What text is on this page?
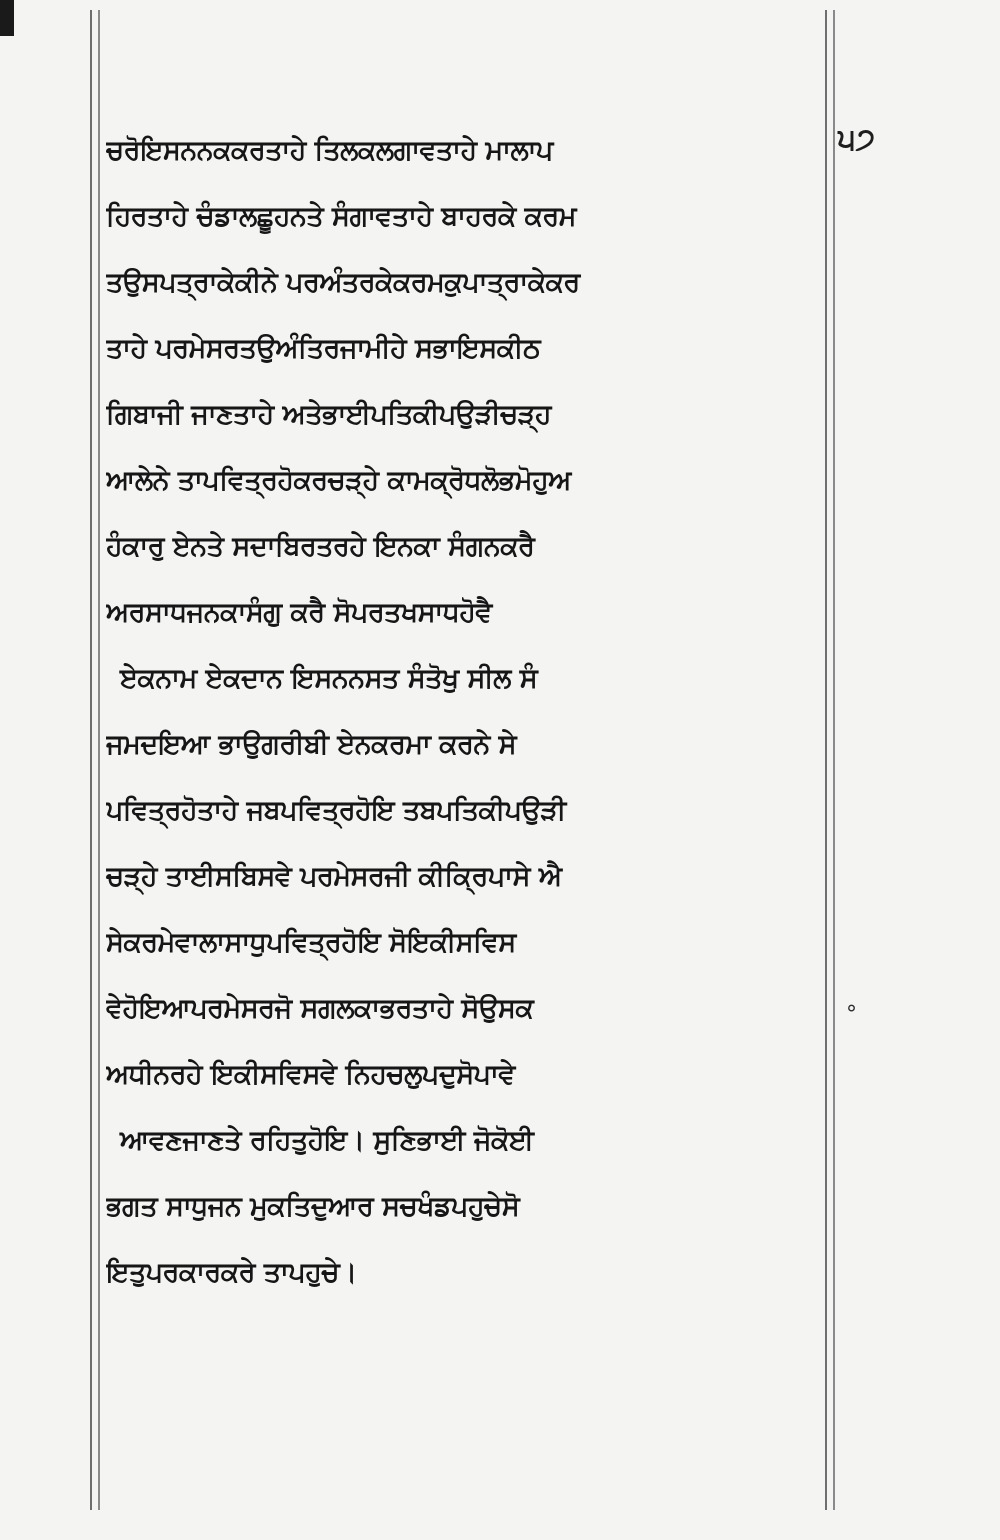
੫੭
°
ਚਰੋਇਸਨਨਕਕਰਤਾਹੇ ਤਿਲਕਲਗਾਵਤਾਹੇ ਮਾਲਾਪ
ਹਿਰਤਾਹੇ ਚੰਡਾਲਛੂਹਨਤੇ ਸੰਗਾਵਤਾਹੇ ਬਾਹਰਕੇ ਕਰਮ
ਤਉਸਪਤ੍ਰਾਕੇਕੀਨੇ ਪਰਅੰਤਰਕੇਕਰਮਕੁਪਾਤ੍ਰਾਕੇਕਰ
ਤਾਹੇ ਪਰਮੇਸਰਤਉਅੰਤਿਰਜਾਮੀਹੇ ਸਭਾਇਸਕੀਠ
ਗਿਬਾਜੀ ਜਾਣਤਾਹੇ ਅਤੇਭਾਈਪਤਿਕੀਪਉੜੀਚੜ੍ਹ
ਆਲੇਨੇ ਤਾਪਵਿਤ੍ਰਹੋਕਰਚੜ੍ਹੇ ਕਾਮਕ੍ਰੋਧਲੋਭਮੋਹੁਅ
ਹੰਕਾਰੁ ਏਨਤੇ ਸਦਾਬਿਰਤਰਹੇ ਇਨਕਾ ਸੰਗਨਕਰੈ
ਅਰਸਾਧਜਨਕਾਸੰਗੁ ਕਰੈ ਸੋਪਰਤਖਸਾਧਹੋਵੈ
ਏਕਨਾਮ ਏਕਦਾਨ ਇਸਨਨਸਤ ਸੰਤੋਖੁ ਸੀਲ ਸੰ
ਜਮਦਇਆ ਭਾਉਗਰੀਬੀ ਏਨਕਰਮਾ ਕਰਨੇ ਸੇ
ਪਵਿਤ੍ਰਹੋਤਾਹੇ ਜਬਪਵਿਤ੍ਰਹੋਇ ਤਬਪਤਿਕੀਪਉੜੀ
ਚੜ੍ਹੇ ਤਾਈਸਬਿਸਵੇ ਪਰਮੇਸਰਜੀ ਕੀਕ੍ਰਿਪਾਸੇ ਐ
ਸੇਕਰਮੇਵਾਲਾਸਾਧੁਪਵਿਤ੍ਰਹੋਇ ਸੋਇਕੀਸਵਿਸ
ਵੇਹੋਇਆਪਰਮੇਸਰਜੋ ਸਗਲਕਾਭਰਤਾਹੇ ਸੋਉਸਕ
ਅਧੀਨਰਹੇ ਇਕੀਸਵਿਸਵੇ ਨਿਹਚਲੁਪਦੁਸੋਪਾਵੇ
ਆਵਣਜਾਣਤੇ ਰਹਿਤੁਹੋਇ। ਸੁਣਿਭਾਈ ਜੋਕੋਈ
ਭਗਤ ਸਾਧੁਜਨ ਮੁਕਤਿਦੁਆਰ ਸਚਖੰਡਪਹੁਚੇਸੋ
ਇਤੁਪਰਕਾਰਕਰੇ ਤਾਪਹੁਚੇ।
